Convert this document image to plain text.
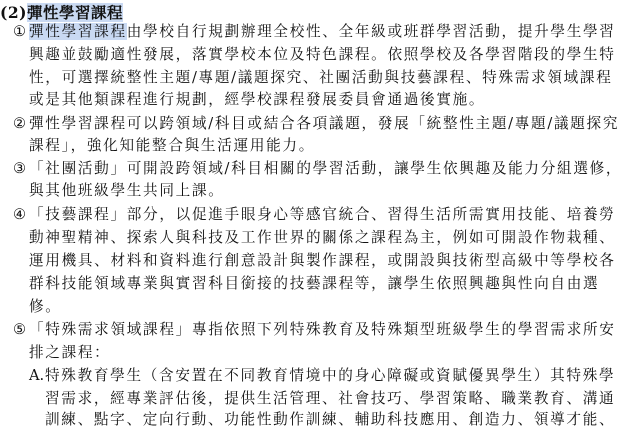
(2)彈性學習課程
① 彈性學習課程由學校自行規劃辦理全校性、全年級或班群學習活動，提升學生學習
興趣並鼓勵適性發展，落實學校本位及特色課程。依照學校及各學習階段的學生特
性，可選擇統整性主題/專題/議題探究、社團活動與技藝課程、特殊需求領域課程
或是其他類課程進行規劃，經學校課程發展委員會通過後實施。
② 彈性學習課程可以跨領域/科目或結合各項議題，發展「統整性主題/專題/議題探究
課程」，強化知能整合與生活運用能力。
③ 「社團活動」可開設跨領域/科目相關的學習活動，讓學生依興趣及能力分組選修，
與其他班級學生共同上課。
④ 「技藝課程」部分，以促進手眼身心等感官統合、習得生活所需實用技能、培養勞
動神聖精神、探索人與科技及工作世界的關係之課程為主，例如可開設作物栽種、
運用機具、材料和資料進行創意設計與製作課程，或開設與技術型高級中等學校各
群科技能領域專業與實習科目銜接的技藝課程等，讓學生依照興趣與性向自由選
修。
⑤ 「特殊需求領域課程」專指依照下列特殊教育及特殊類型班級學生的學習需求所安
排之課程：
A.特殊教育學生（含安置在不同教育情境中的身心障礙或資賦優異學生）其特殊學
習需求，經專業評估後，提供生活管理、社會技巧、學習策略、職業教育、溝通
訓練、點字、定向行動、功能性動作訓練、輔助科技應用、創造力、領導才能、
